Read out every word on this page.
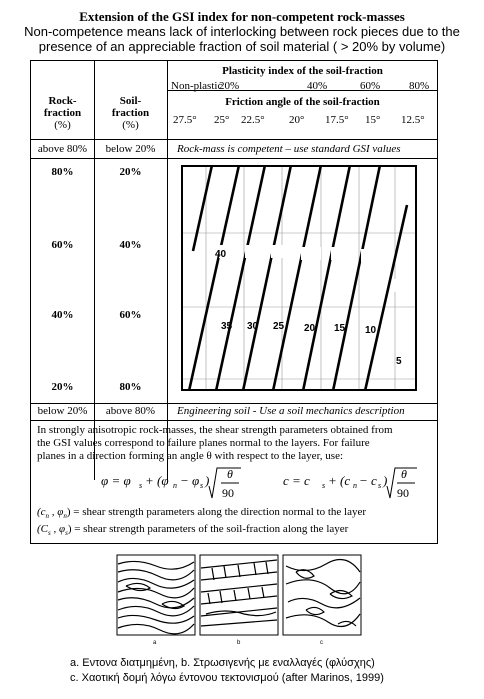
Extension of the GSI index for non-competent rock-masses
Non-competence means lack of interlocking between rock pieces due to the
presence of an appreciable fraction of soil material ( > 20% by volume)
Plasticity index of the soil-fraction
Non-plastic
20%	40%	60%	80%
Friction angle of the soil-fraction
27.5° 25° 22.5° 20° 17.5° 15° 12.5°
Rock-
fraction
(%)
Soil-
fraction
(%)
above 80%	below 20%	Rock-mass is competent – use standard GSI values
80%	20%
60%	40%
40%	60%
20%	80%
40
35 30 25 20 15 10
5
below 20%	above 80%	Engineering soil - Use a soil mechanics description
In strongly anisotropic rock-masses, the shear strength parameters obtained from
the GSI values correspond to failure planes normal to the layers. For failure
planes in a direction forming an angle θ with respect to the layer, use:
φ = φ s + (φ n − φ s ) θ
90
c = c s + (c n − c s ) θ
90
($c_n$ , $\varphi_n$) = shear strength parameters along the direction normal to the layer
($C_s$ , $\varphi_s$) = shear strength parameters of the soil-fraction along the layer
a	b	c
a. Εντονα διατμημένη, b. Στρωσιγενής με εναλλαγές (φλύσχης)
c. Χαοτική δομή λόγω έντονου τεκτονισμού (after Marinos, 1999)
